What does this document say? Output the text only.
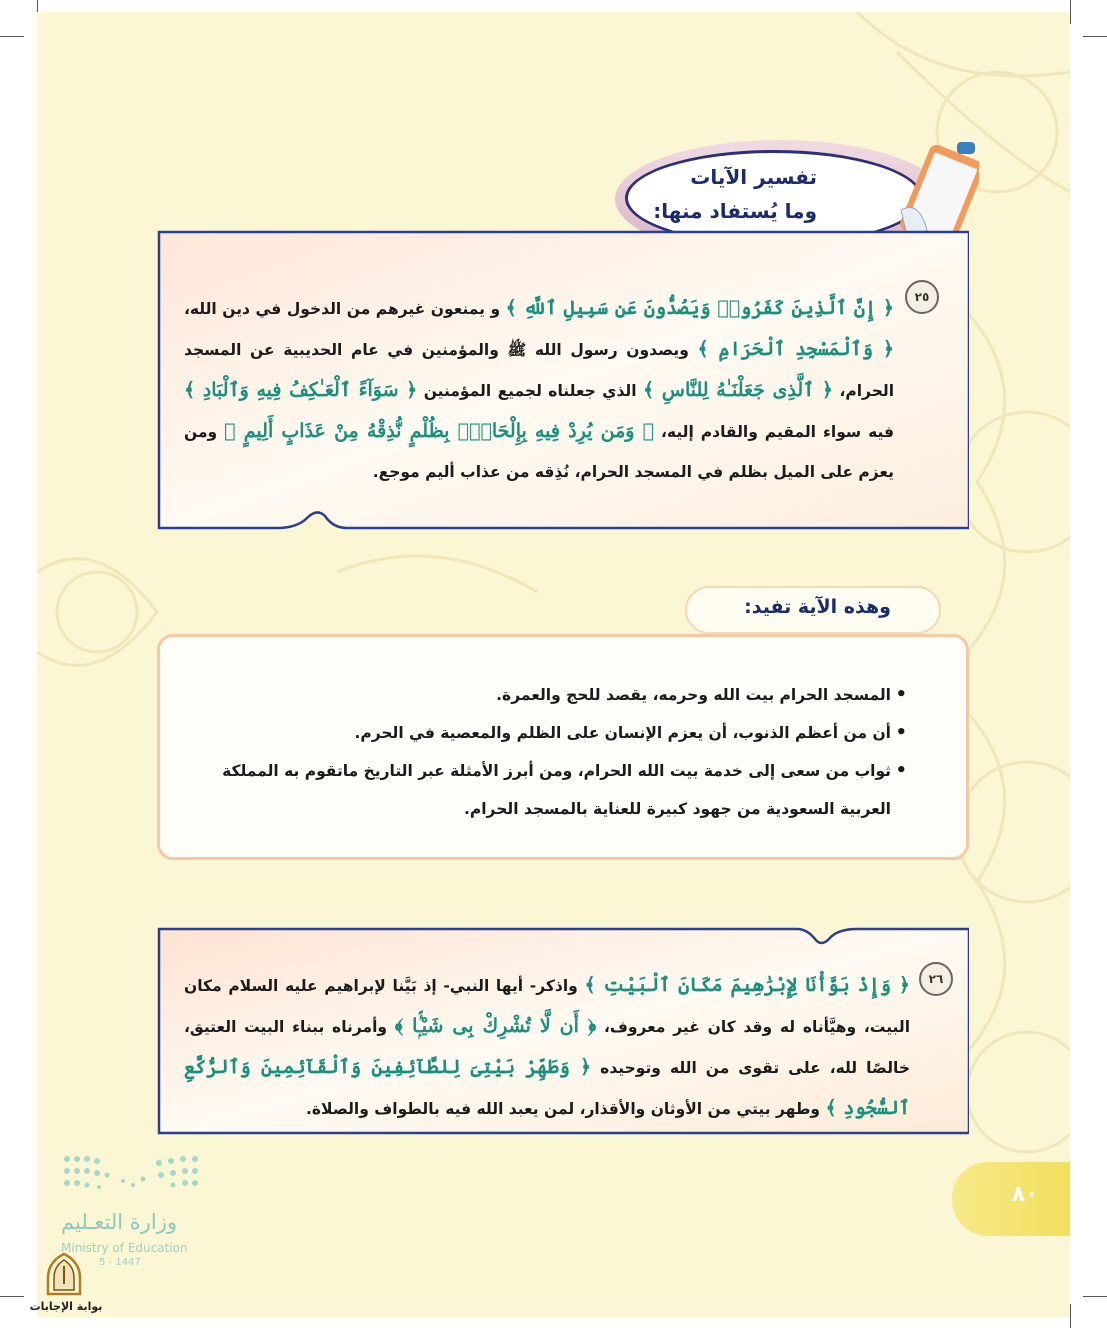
تفسير الآيات
وما يُستفاد منها:
٢٥
﴿ إِنَّ ٱلَّذِينَ كَفَرُوا۟ وَيَصُدُّونَ عَن سَبِيلِ ٱللَّهِ ﴾ و يمنعون غيرهم من الدخول في دين الله، ﴿ وَٱلْمَسْجِدِ ٱلْحَرَامِ ﴾ ويصدون رسول الله ﷺ والمؤمنين في عام الحديبية عن المسجد الحرام، ﴿ ٱلَّذِى جَعَلْنَـٰهُ لِلنَّاسِ ﴾ الذي جعلناه لجميع المؤمنين ﴿ سَوَآءً ٱلْعَـٰكِفُ فِيهِ وَٱلْبَادِ ﴾ فيه سواء المقيم والقادم إليه، ﴿ وَمَن يُرِدْ فِيهِ بِإِلْحَادٍۭ بِظُلْمٍ نُّذِقْهُ مِنْ عَذَابٍ أَلِيمٍ ﴾ ومن يعزم على الميل بظلم في المسجد الحرام، نُذِقه من عذاب أليم موجع.
وهذه الآية تفيد:
• المسجد الحرام بيت الله وحرمه، يقصد للحج والعمرة.
• أن من أعظم الذنوب، أن يعزم الإنسان على الظلم والمعصية في الحرم.
• ثواب من سعى إلى خدمة بيت الله الحرام، ومن أبرز الأمثلة عبر التاريخ ماتقوم به المملكة العربية السعودية من جهود كبيرة للعناية بالمسجد الحرام.
٢٦
﴿ وَإِذْ بَوَّأْنَا لِإِبْرَٰهِيمَ مَكَانَ ٱلْبَيْتِ ﴾ واذكر- أيها النبي- إذ بَيَّنا لإبراهيم عليه السلام مكان البيت، وهيَّأناه له وقد كان غير معروف، ﴿ أَن لَّا تُشْرِكْ بِى شَيْـًۭٔا ﴾ وأمرناه ببناء البيت العتيق، خالصًا لله، على تقوى من الله وتوحيده ﴿ وَطَهِّرْ بَيْتِىَ لِلطَّآئِفِينَ وَٱلْقَآئِمِينَ وَٱلرُّكَّعِ ٱلسُّجُودِ ﴾ وطهر بيتي من الأوثان والأقذار، لمن يعبد الله فيه بالطواف والصلاة.
٨٠
وزارة التعـليم
Ministry of Education
5 - 1447
بوابة الإجابات
